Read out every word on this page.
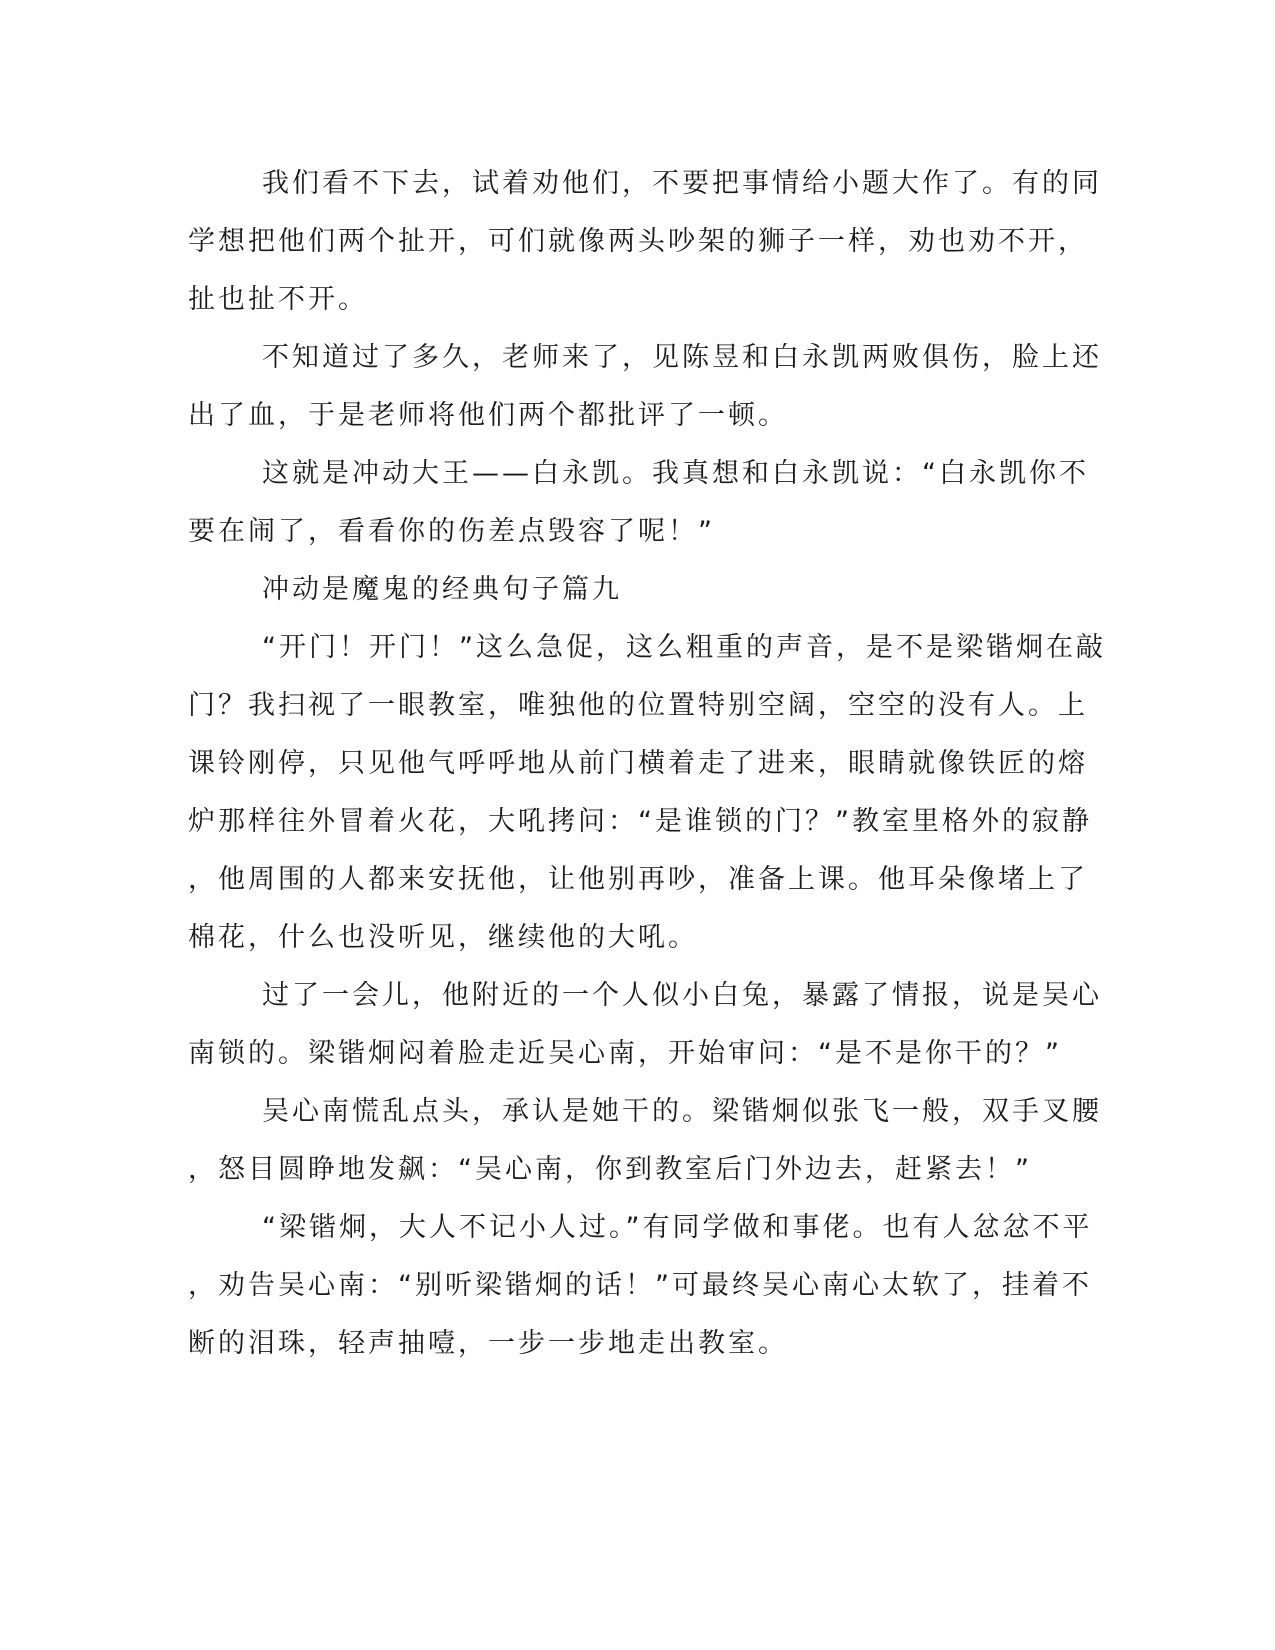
我们看不下去，试着劝他们，不要把事情给小题大作了。有的同

学想把他们两个扯开，可们就像两头吵架的狮子一样，劝也劝不开，

扯也扯不开。

不知道过了多久，老师来了，见陈昱和白永凯两败俱伤，脸上还

出了血，于是老师将他们两个都批评了一顿。

这就是冲动大王——白永凯。我真想和白永凯说：“白永凯你不

要在闹了，看看你的伤差点毁容了呢！”

冲动是魔鬼的经典句子篇九

“开门！开门！”这么急促，这么粗重的声音，是不是梁锴炯在敲

门？我扫视了一眼教室，唯独他的位置特别空阔，空空的没有人。上

课铃刚停，只见他气呼呼地从前门横着走了进来，眼睛就像铁匠的熔

炉那样往外冒着火花，大吼拷问：“是谁锁的门？”教室里格外的寂静

，他周围的人都来安抚他，让他别再吵，准备上课。他耳朵像堵上了

棉花，什么也没听见，继续他的大吼。

过了一会儿，他附近的一个人似小白兔，暴露了情报，说是吴心

南锁的。梁锴炯闷着脸走近吴心南，开始审问：“是不是你干的？”

吴心南慌乱点头，承认是她干的。梁锴炯似张飞一般，双手叉腰

，怒目圆睁地发飙：“吴心南，你到教室后门外边去，赶紧去！”

“梁锴炯，大人不记小人过。”有同学做和事佬。也有人忿忿不平

，劝告吴心南：“别听梁锴炯的话！”可最终吴心南心太软了，挂着不

断的泪珠，轻声抽噎，一步一步地走出教室。
